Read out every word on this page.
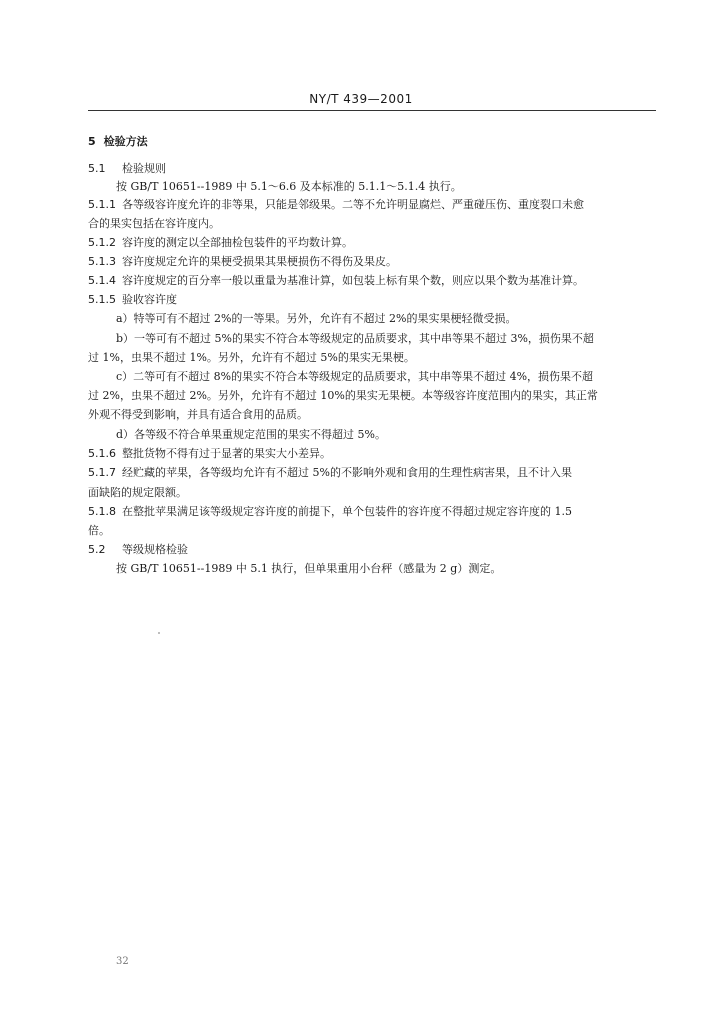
NY/T 439—2001
5 检验方法
5.1 检验规则
按 GB/T 10651--1989 中 5.1～6.6 及本标准的 5.1.1～5.1.4 执行。
5.1.1 各等级容许度允许的非等果，只能是邻级果。二等不允许明显腐烂、严重碰压伤、重度裂口未愈
合的果实包括在容许度内。
5.1.2 容许度的测定以全部抽检包装件的平均数计算。
5.1.3 容许度规定允许的果梗受损果其果梗损伤不得伤及果皮。
5.1.4 容许度规定的百分率一般以重量为基准计算，如包装上标有果个数，则应以果个数为基准计算。
5.1.5 验收容许度
a）特等可有不超过 2%的一等果。另外，允许有不超过 2%的果实果梗轻微受损。
b）一等可有不超过 5%的果实不符合本等级规定的品质要求，其中串等果不超过 3%，损伤果不超
过 1%，虫果不超过 1%。另外，允许有不超过 5%的果实无果梗。
c）二等可有不超过 8%的果实不符合本等级规定的品质要求，其中串等果不超过 4%，损伤果不超
过 2%，虫果不超过 2%。另外，允许有不超过 10%的果实无果梗。本等级容许度范围内的果实，其正常
外观不得受到影响，并具有适合食用的品质。
d）各等级不符合单果重规定范围的果实不得超过 5%。
5.1.6 整批货物不得有过于显著的果实大小差异。
5.1.7 经贮藏的苹果，各等级均允许有不超过 5%的不影响外观和食用的生理性病害果，且不计入果
面缺陷的规定限额。
5.1.8 在整批苹果满足该等级规定容许度的前提下，单个包装件的容许度不得超过规定容许度的 1.5
倍。
5.2 等级规格检验
按 GB/T 10651--1989 中 5.1 执行，但单果重用小台秤（感量为 2 g）测定。
32
